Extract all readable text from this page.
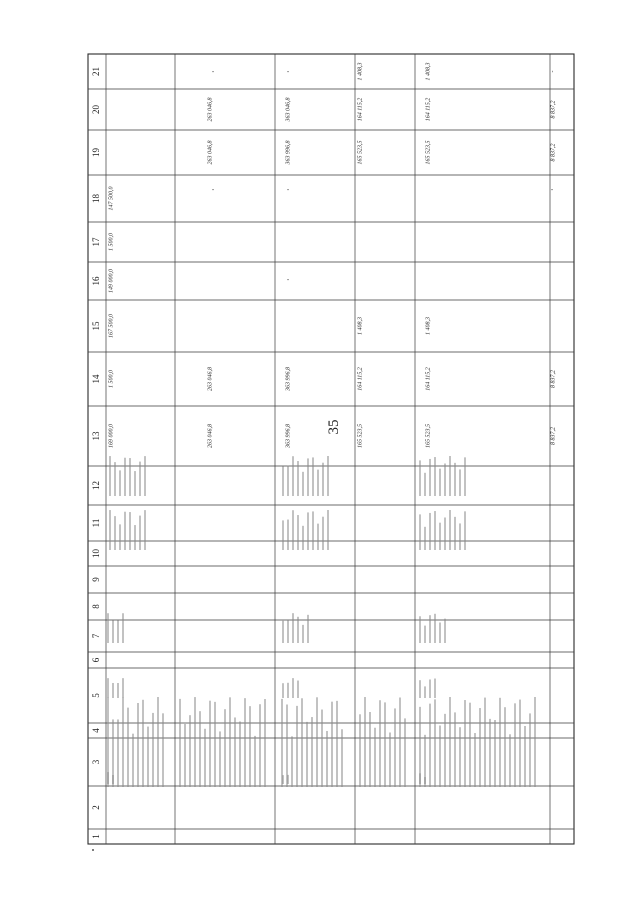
35
1
2
3
4
5
6
7
8
9
10
11
12
13
14
15
16
17
18
19
20
21
169 000,0
1 500,0
167 500,0
149 000,0
1 500,0
147 500,0
263 046,8
263 046,8
263 046,8
263 046,8
363 996,8
363 996,8
363 996,8
363 046,8
165 523,5
164 115,2
1 408,3
165 523,5
164 115,2
1 408,3
165 523,5
164 115,2
1 408,3
165 523,5
164 115,2
1 408,3
8 837,2
8 837,2
8 837,2
8 837,2
-
-	-
-
-	-
-
